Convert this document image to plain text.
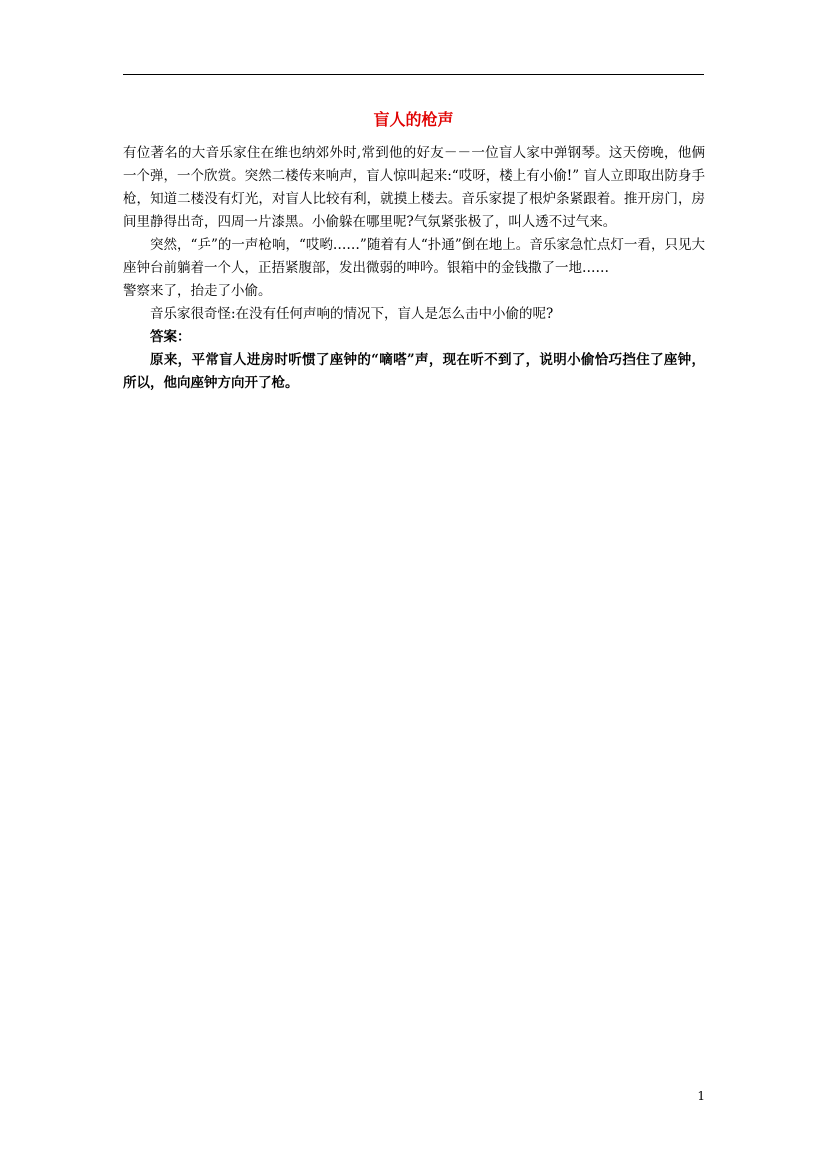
盲人的枪声

有位著名的大音乐家住在维也纳郊外时,常到他的好友－－一位盲人家中弹钢琴。这天傍晚，他俩一个弹，一个欣赏。突然二楼传来响声，盲人惊叫起来:“哎呀，楼上有小偷!” 盲人立即取出防身手枪，知道二楼没有灯光，对盲人比较有利，就摸上楼去。音乐家提了根炉条紧跟着。推开房门，房间里静得出奇，四周一片漆黑。小偷躲在哪里呢?气氛紧张极了，叫人透不过气来。

突然，“乒”的一声枪响，“哎哟……”随着有人“扑通”倒在地上。音乐家急忙点灯一看，只见大座钟台前躺着一个人，正捂紧腹部，发出微弱的呻吟。银箱中的金钱撒了一地……

警察来了，抬走了小偷。

音乐家很奇怪:在没有任何声响的情况下，盲人是怎么击中小偷的呢?

答案：

原来，平常盲人进房时听惯了座钟的“嘀嗒”声，现在听不到了，说明小偷恰巧挡住了座钟，所以，他向座钟方向开了枪。

1
